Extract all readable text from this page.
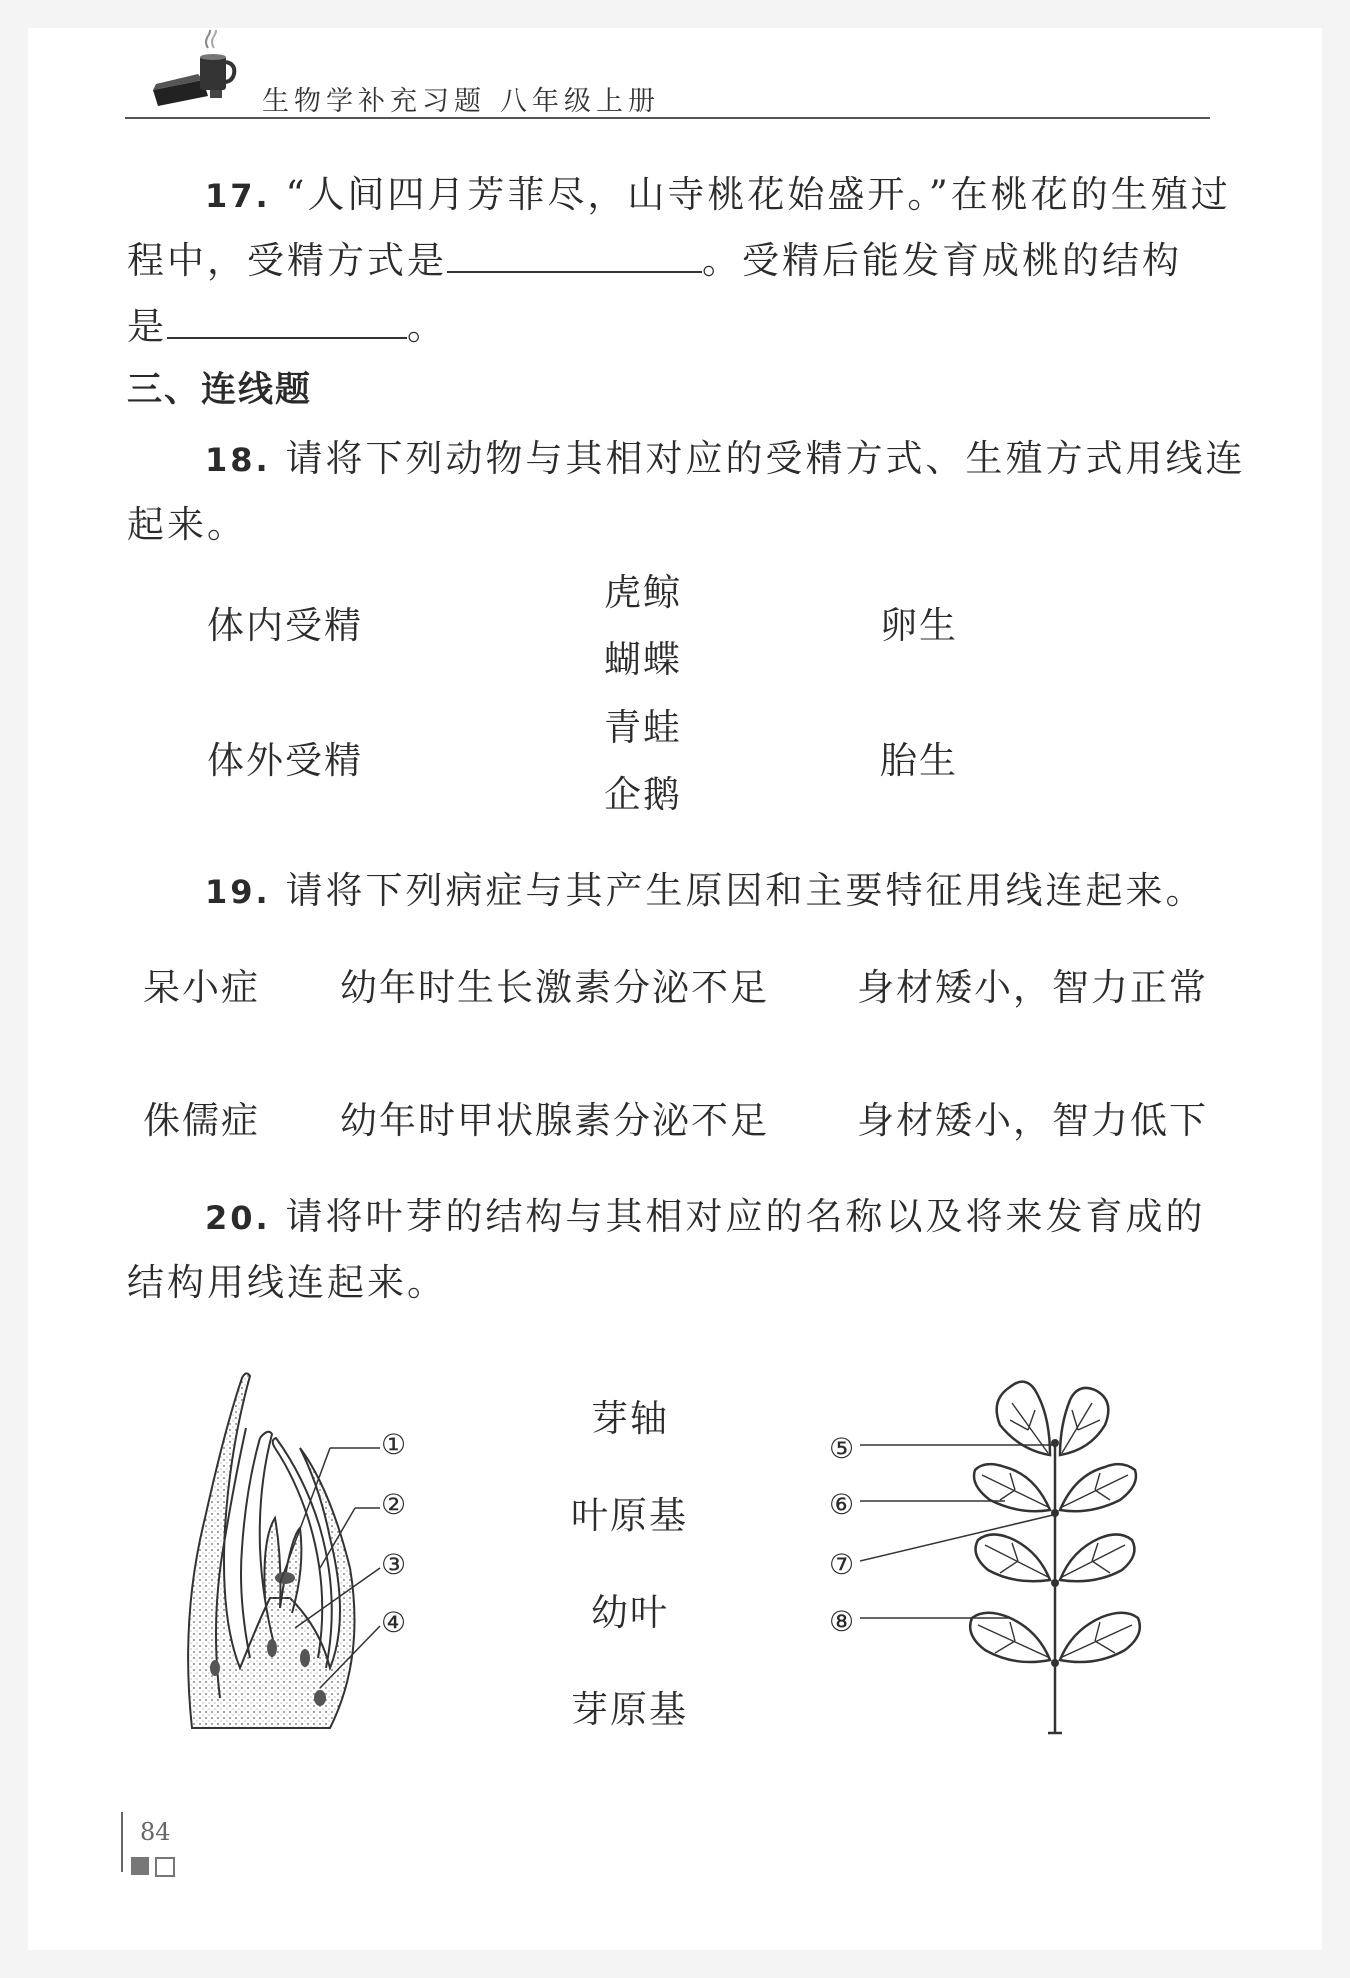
生物学补充习题 八年级上册
17. “人间四月芳菲尽，山寺桃花始盛开。”在桃花的生殖过
程中，受精方式是	。受精后能发育成桃的结构
是	。
三、连线题
18. 请将下列动物与其相对应的受精方式、生殖方式用线连
起来。
体内受精
体外受精
虎鲸
蝴蝶
青蛙
企鹅
卵生
胎生
19. 请将下列病症与其产生原因和主要特征用线连起来。
呆小症
侏儒症
幼年时生长激素分泌不足
幼年时甲状腺素分泌不足
身材矮小，智力正常
身材矮小，智力低下
20. 请将叶芽的结构与其相对应的名称以及将来发育成的
结构用线连起来。
①
②
③
④
芽轴
叶原基
幼叶
芽原基
⑤
⑥
⑦
⑧
84
